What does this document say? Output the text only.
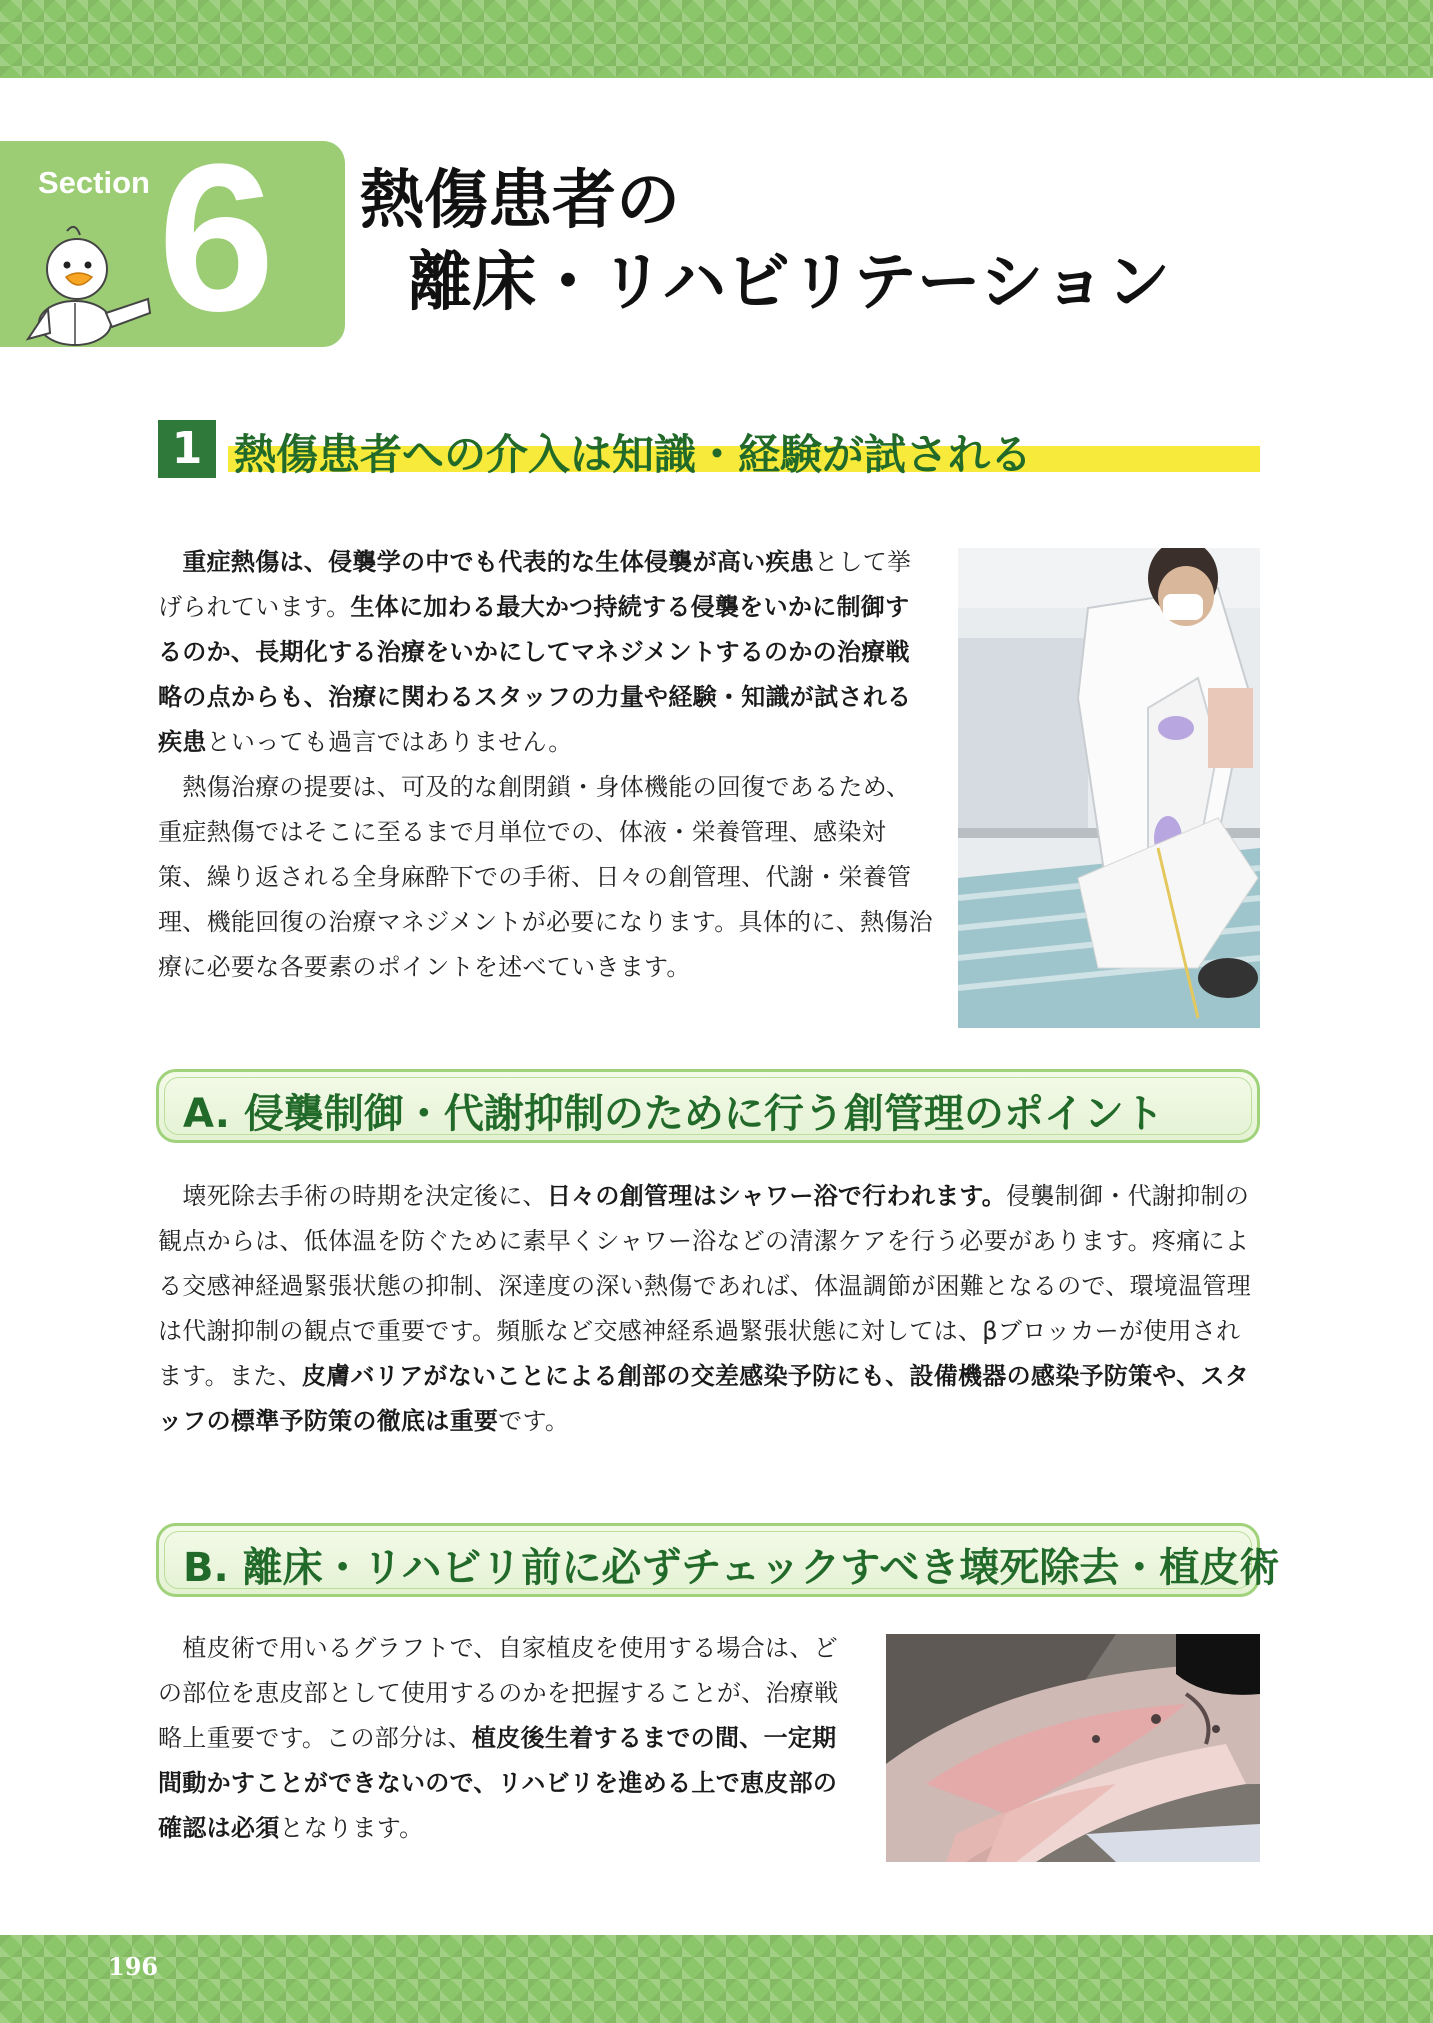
Section 6 熱傷患者の
離床・リハビリテーション
1 熱傷患者への介入は知識・経験が試される

　重症熱傷は、侵襲学の中でも代表的な生体侵襲が高い疾患として挙げられています。生体に加わる最大かつ持続する侵襲をいかに制御するのか、長期化する治療をいかにしてマネジメントするのかの治療戦略の点からも、治療に関わるスタッフの力量や経験・知識が試される疾患といっても過言ではありません。

　熱傷治療の提要は、可及的な創閉鎖・身体機能の回復であるため、重症熱傷ではそこに至るまで月単位での、体液・栄養管理、感染対策、繰り返される全身麻酔下での手術、日々の創管理、代謝・栄養管理、機能回復の治療マネジメントが必要になります。具体的に、熱傷治療に必要な各要素のポイントを述べていきます。

A. 侵襲制御・代謝抑制のために行う創管理のポイント

　壊死除去手術の時期を決定後に、日々の創管理はシャワー浴で行われます。侵襲制御・代謝抑制の観点からは、低体温を防ぐために素早くシャワー浴などの清潔ケアを行う必要があります。疼痛による交感神経過緊張状態の抑制、深達度の深い熱傷であれば、体温調節が困難となるので、環境温管理は代謝抑制の観点で重要です。頻脈など交感神経系過緊張状態に対しては、βブロッカーが使用されます。また、皮膚バリアがないことによる創部の交差感染予防にも、設備機器の感染予防策や、スタッフの標準予防策の徹底は重要です。

B. 離床・リハビリ前に必ずチェックすべき壊死除去・植皮術

　植皮術で用いるグラフトで、自家植皮を使用する場合は、どの部位を恵皮部として使用するのかを把握することが、治療戦略上重要です。この部分は、植皮後生着するまでの間、一定期間動かすことができないので、リハビリを進める上で恵皮部の確認は必須となります。

196
